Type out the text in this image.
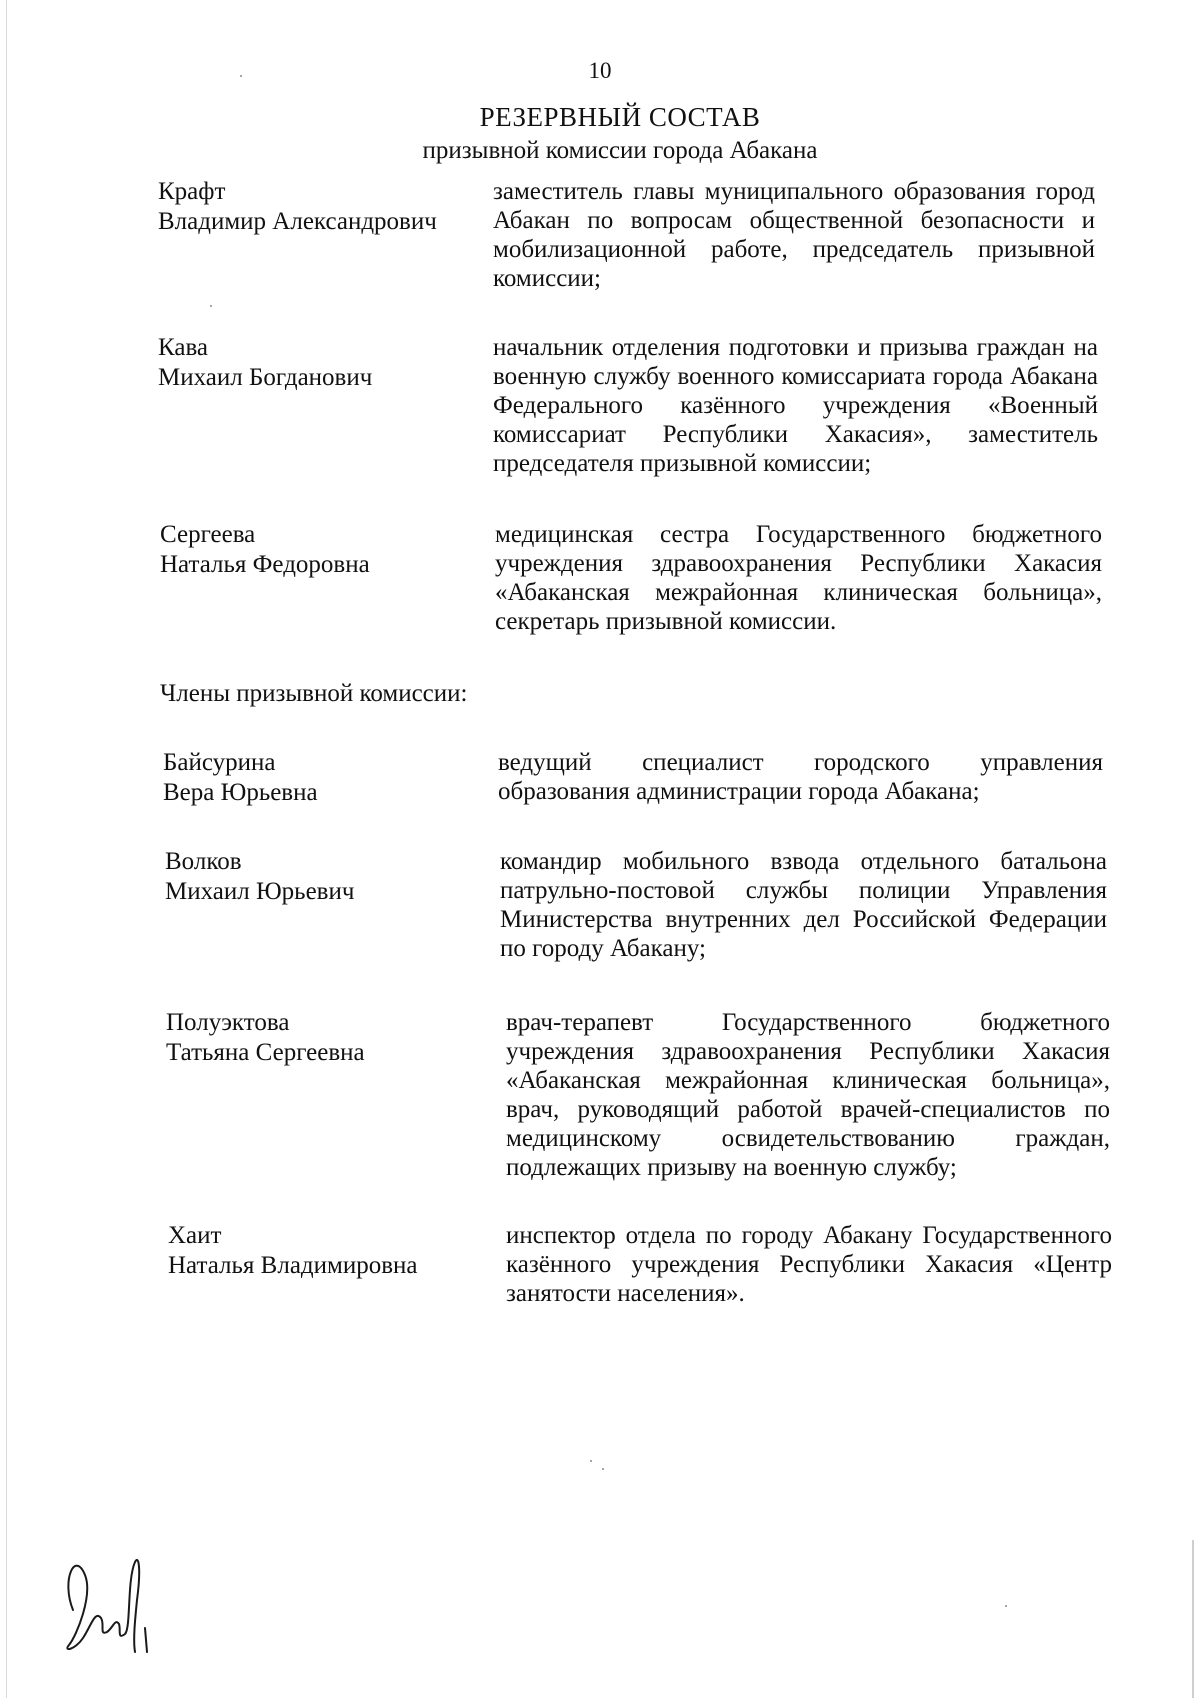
10
РЕЗЕРВНЫЙ СОСТАВ
призывной комиссии города Абакана
Крафт
Владимир Александрович
заместитель главы муниципального образования город Абакан по вопросам общественной безопасности и мобилизационной работе, председатель призывной комиссии;
Кава
Михаил Богданович
начальник отделения подготовки и призыва граждан на военную службу военного комиссариата города Абакана Федерального казённого учреждения «Военный комиссариат Республики Хакасия», заместитель председателя призывной комиссии;
Сергеева
Наталья Федоровна
медицинская сестра Государственного бюджетного учреждения здравоохранения Республики Хакасия «Абаканская межрайонная клиническая больница», секретарь призывной комиссии.
Члены призывной комиссии:
Байсурина
Вера Юрьевна
ведущий специалист городского управления образования администрации города Абакана;
Волков
Михаил Юрьевич
командир мобильного взвода отдельного батальона патрульно-постовой службы полиции Управления Министерства внутренних дел Российской Федерации по городу Абакану;
Полуэктова
Татьяна Сергеевна
врач-терапевт Государственного бюджетного учреждения здравоохранения Республики Хакасия «Абаканская межрайонная клиническая больница», врач, руководящий работой врачей-специалистов по медицинскому освидетельствованию граждан, подлежащих призыву на военную службу;
Хаит
Наталья Владимировна
инспектор отдела по городу Абакану Государственного казённого учреждения Республики Хакасия «Центр занятости населения».
